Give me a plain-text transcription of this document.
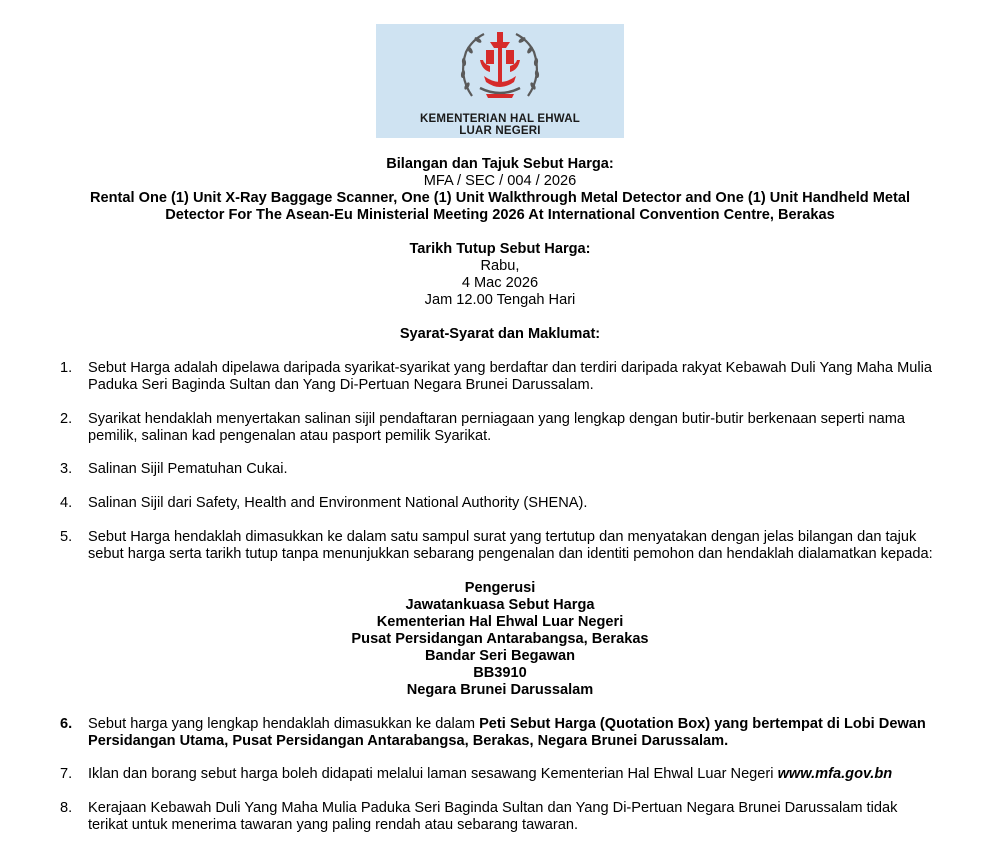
KEMENTERIAN HAL EHWAL
LUAR NEGERI
Bilangan dan Tajuk Sebut Harga:
MFA / SEC / 004 / 2026
Rental One (1) Unit X-Ray Baggage Scanner, One (1) Unit Walkthrough Metal Detector and One (1) Unit Handheld Metal
Detector For The Asean-Eu Ministerial Meeting 2026 At International Convention Centre, Berakas
Tarikh Tutup Sebut Harga:
Rabu,
4 Mac 2026
Jam 12.00 Tengah Hari
Syarat-Syarat dan Maklumat:
1.	Sebut Harga adalah dipelawa daripada syarikat-syarikat yang berdaftar dan terdiri daripada rakyat Kebawah Duli Yang Maha Mulia
Paduka Seri Baginda Sultan dan Yang Di-Pertuan Negara Brunei Darussalam.
2.	Syarikat hendaklah menyertakan salinan sijil pendaftaran perniagaan yang lengkap dengan butir-butir berkenaan seperti nama
pemilik, salinan kad pengenalan atau pasport pemilik Syarikat.
3.	Salinan Sijil Pematuhan Cukai.
4.	Salinan Sijil dari Safety, Health and Environment National Authority (SHENA).
5.	Sebut Harga hendaklah dimasukkan ke dalam satu sampul surat yang tertutup dan menyatakan dengan jelas bilangan dan tajuk
sebut harga serta tarikh tutup tanpa menunjukkan sebarang pengenalan dan identiti pemohon dan hendaklah dialamatkan kepada:
Pengerusi
Jawatankuasa Sebut Harga
Kementerian Hal Ehwal Luar Negeri
Pusat Persidangan Antarabangsa, Berakas
Bandar Seri Begawan
BB3910
Negara Brunei Darussalam
6.	Sebut harga yang lengkap hendaklah dimasukkan ke dalam Peti Sebut Harga (Quotation Box) yang bertempat di Lobi Dewan
Persidangan Utama, Pusat Persidangan Antarabangsa, Berakas, Negara Brunei Darussalam.
7.	Iklan dan borang sebut harga boleh didapati melalui laman sesawang Kementerian Hal Ehwal Luar Negeri www.mfa.gov.bn
8.	Kerajaan Kebawah Duli Yang Maha Mulia Paduka Seri Baginda Sultan dan Yang Di-Pertuan Negara Brunei Darussalam tidak
terikat untuk menerima tawaran yang paling rendah atau sebarang tawaran.
